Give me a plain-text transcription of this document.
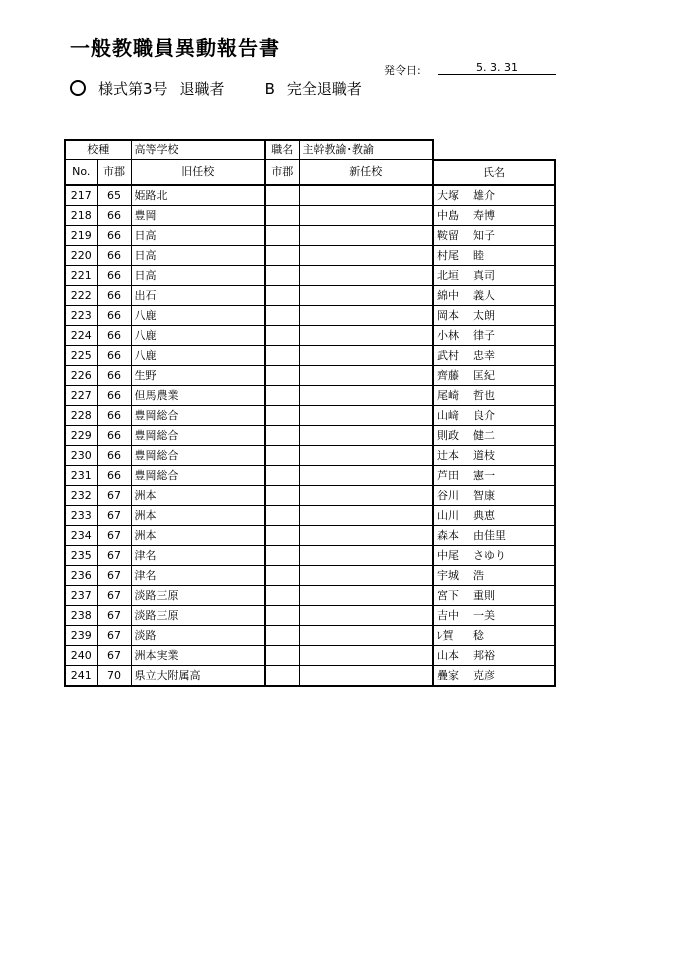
一般教職員異動報告書
発令日:	5. 3. 31
様式第3号 退職者	B 完全退職者
校種		高等学校	職名	主幹教諭･教諭	
No.	市郡	旧任校	市郡	新任校	氏名
217	65	姫路北			大塚 雄介
218	66	豊岡			中島 寿博
219	66	日高			鞍留 知子
220	66	日高			村尾 睦
221	66	日高			北垣 真司
222	66	出石			綿中 義人
223	66	八鹿			岡本 太朗
224	66	八鹿			小林 律子
225	66	八鹿			武村 忠幸
226	66	生野			齊藤 匡紀
227	66	但馬農業			尾崎 哲也
228	66	豊岡総合			山﨑 良介
229	66	豊岡総合			則政 健二
230	66	豊岡総合			辻本 道枝
231	66	豊岡総合			芦田 憲一
232	67	洲本			谷川 智康
233	67	洲本			山川 典恵
234	67	洲本			森本 由佳里
235	67	津名			中尾 さゆり
236	67	津名			宇城 浩
237	67	淡路三原			宮下 重則
238	67	淡路三原			吉中 一美
239	67	淡路			ﾚ賀 稔
240	67	洲本実業			山本 邦裕
241	70	県立大附属高			疊家 克彦
